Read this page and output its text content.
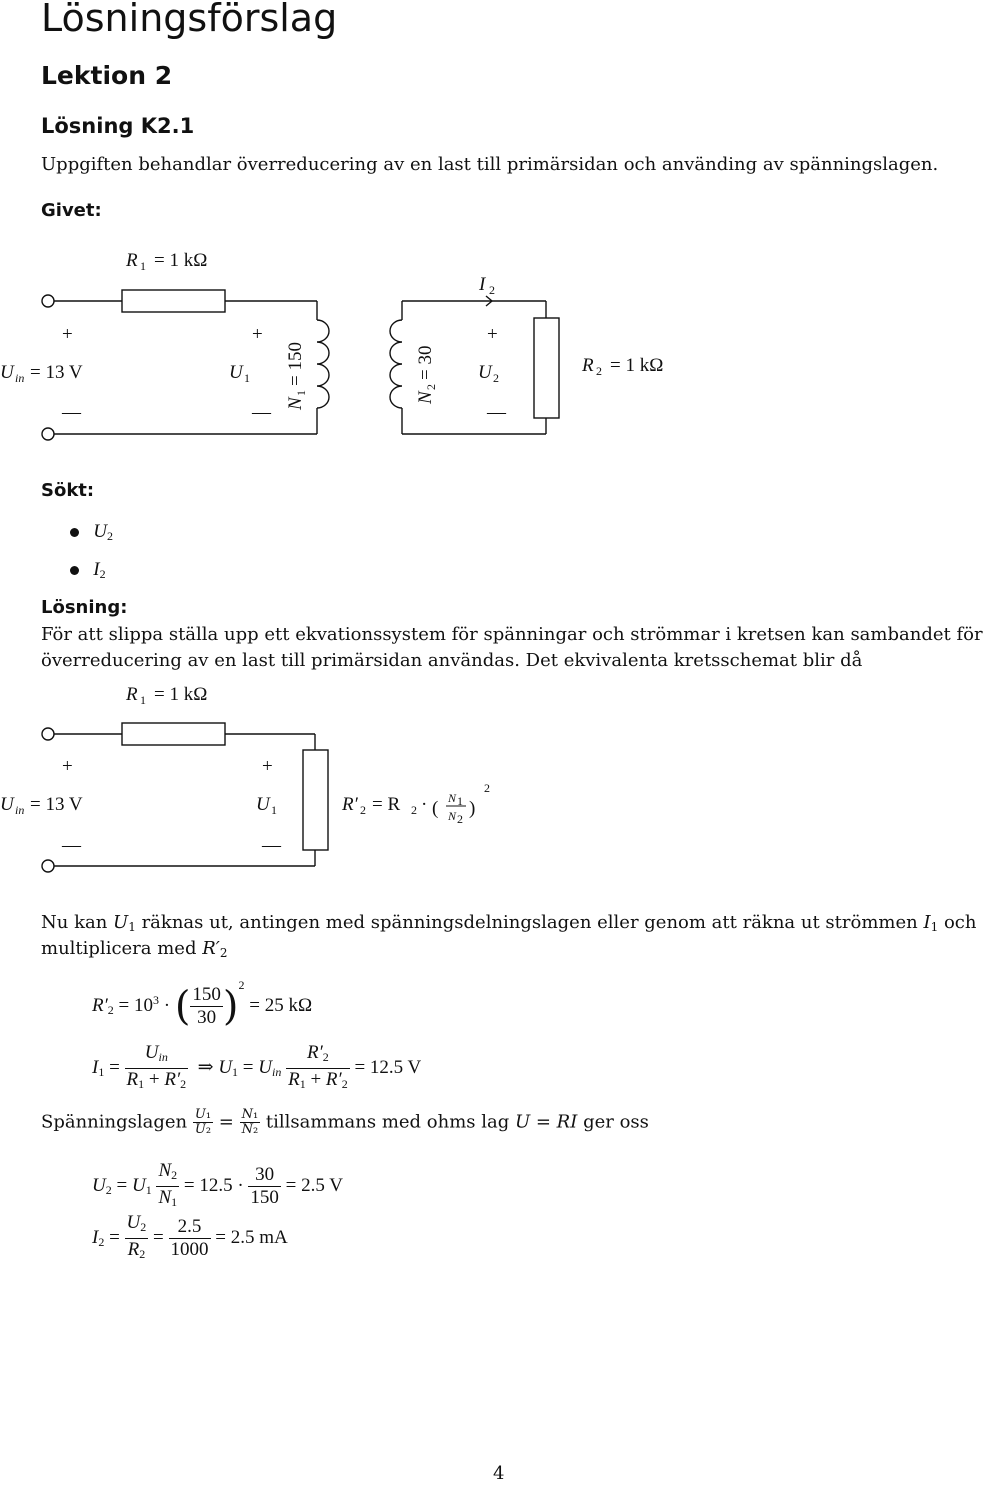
Lösningsförslag
Lektion 2
Lösning K2.1
Uppgiften behandlar överreducering av en last till primärsidan och använding av spänningslagen.
Givet:
R 1 = 1 kΩ
I 2
+	+	+
—	—	—
U in = 13 V	U 1	U 2
R 2 = 1 kΩ
N
1
= 150
N
2
= 30
Sökt:
$U_2$
$I_2$
Lösning:
För att slippa ställa upp ett ekvationssystem för spänningar och strömmar i kretsen kan sambandet för
överreducering av en last till primärsidan användas. Det ekvivalenta kretsschemat blir då
R 1 = 1 kΩ
+	+
—	—
U in = 13 V	U 1	R′ 2 = R 2 · ( N 1
N 2 )
2
Nu kan $U_1$ räknas ut, antingen med spänningsdelningslagen eller genom att räkna ut strömmen $I_1$ och
multiplicera med $R'_2$
$R'_2 = 10^3$ · ( $\frac{150}{30} )^2 = 25$ kΩ
$I_1 = \frac{U_{in}}{R_1 + R'_2}$ ⇒ $U_1 = U_{in} \frac{R'_2}{R_1 + R'_2} = 12.5$ V
Spänningslagen $\frac{\text{U₁}}{\text{U₂}} = \frac{\text{N₁}}{\text{N₂}}$ tillsammans med ohms lag U = RI ger oss
$U_2 = U_1 \frac{N_2}{N_1} = 12.5 \cdot \frac{30}{150} = 2.5$ V
$I_2 = \frac{U_2}{R_2} = \frac{2.5}{1000} = 2.5$ mA
4
